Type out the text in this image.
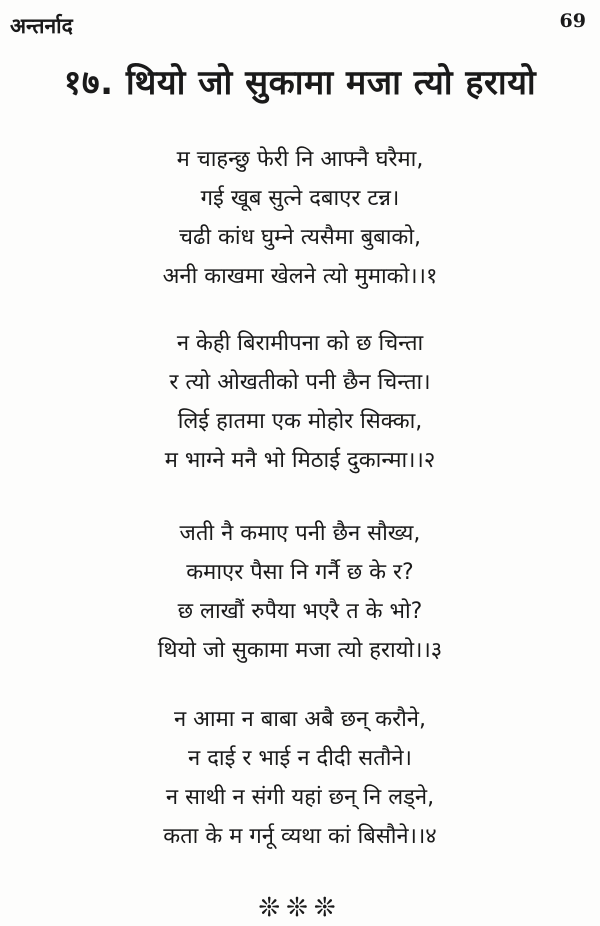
अन्तर्नाद	69
१७. थियो जो सुकामा मजा त्यो हरायो
म चाहन्छु फेरी नि आफ्नै घरैमा,
गई खूब सुत्ने दबाएर टन्न।
चढी कांध घुम्ने त्यसैमा बुबाको,
अनी काखमा खेलने त्यो मुमाको।।१
न केही बिरामीपना को छ चिन्ता
र त्यो ओखतीको पनी छैन चिन्ता।
लिई हातमा एक मोहोर सिक्का,
म भाग्ने मनै भो मिठाई दुकान्मा।।२
जती नै कमाए पनी छैन सौख्य,
कमाएर पैसा नि गर्नै छ के र?
छ लाखौं रुपैया भएरै त के भो?
थियो जो सुकामा मजा त्यो हरायो।।३
न आमा न बाबा अबै छन् करौने,
न दाई र भाई न दीदी सतौने।
न साथी न संगी यहां छन् नि लड्ने,
कता के म गर्नू व्यथा कां बिसौने।।४
❊❊❊
